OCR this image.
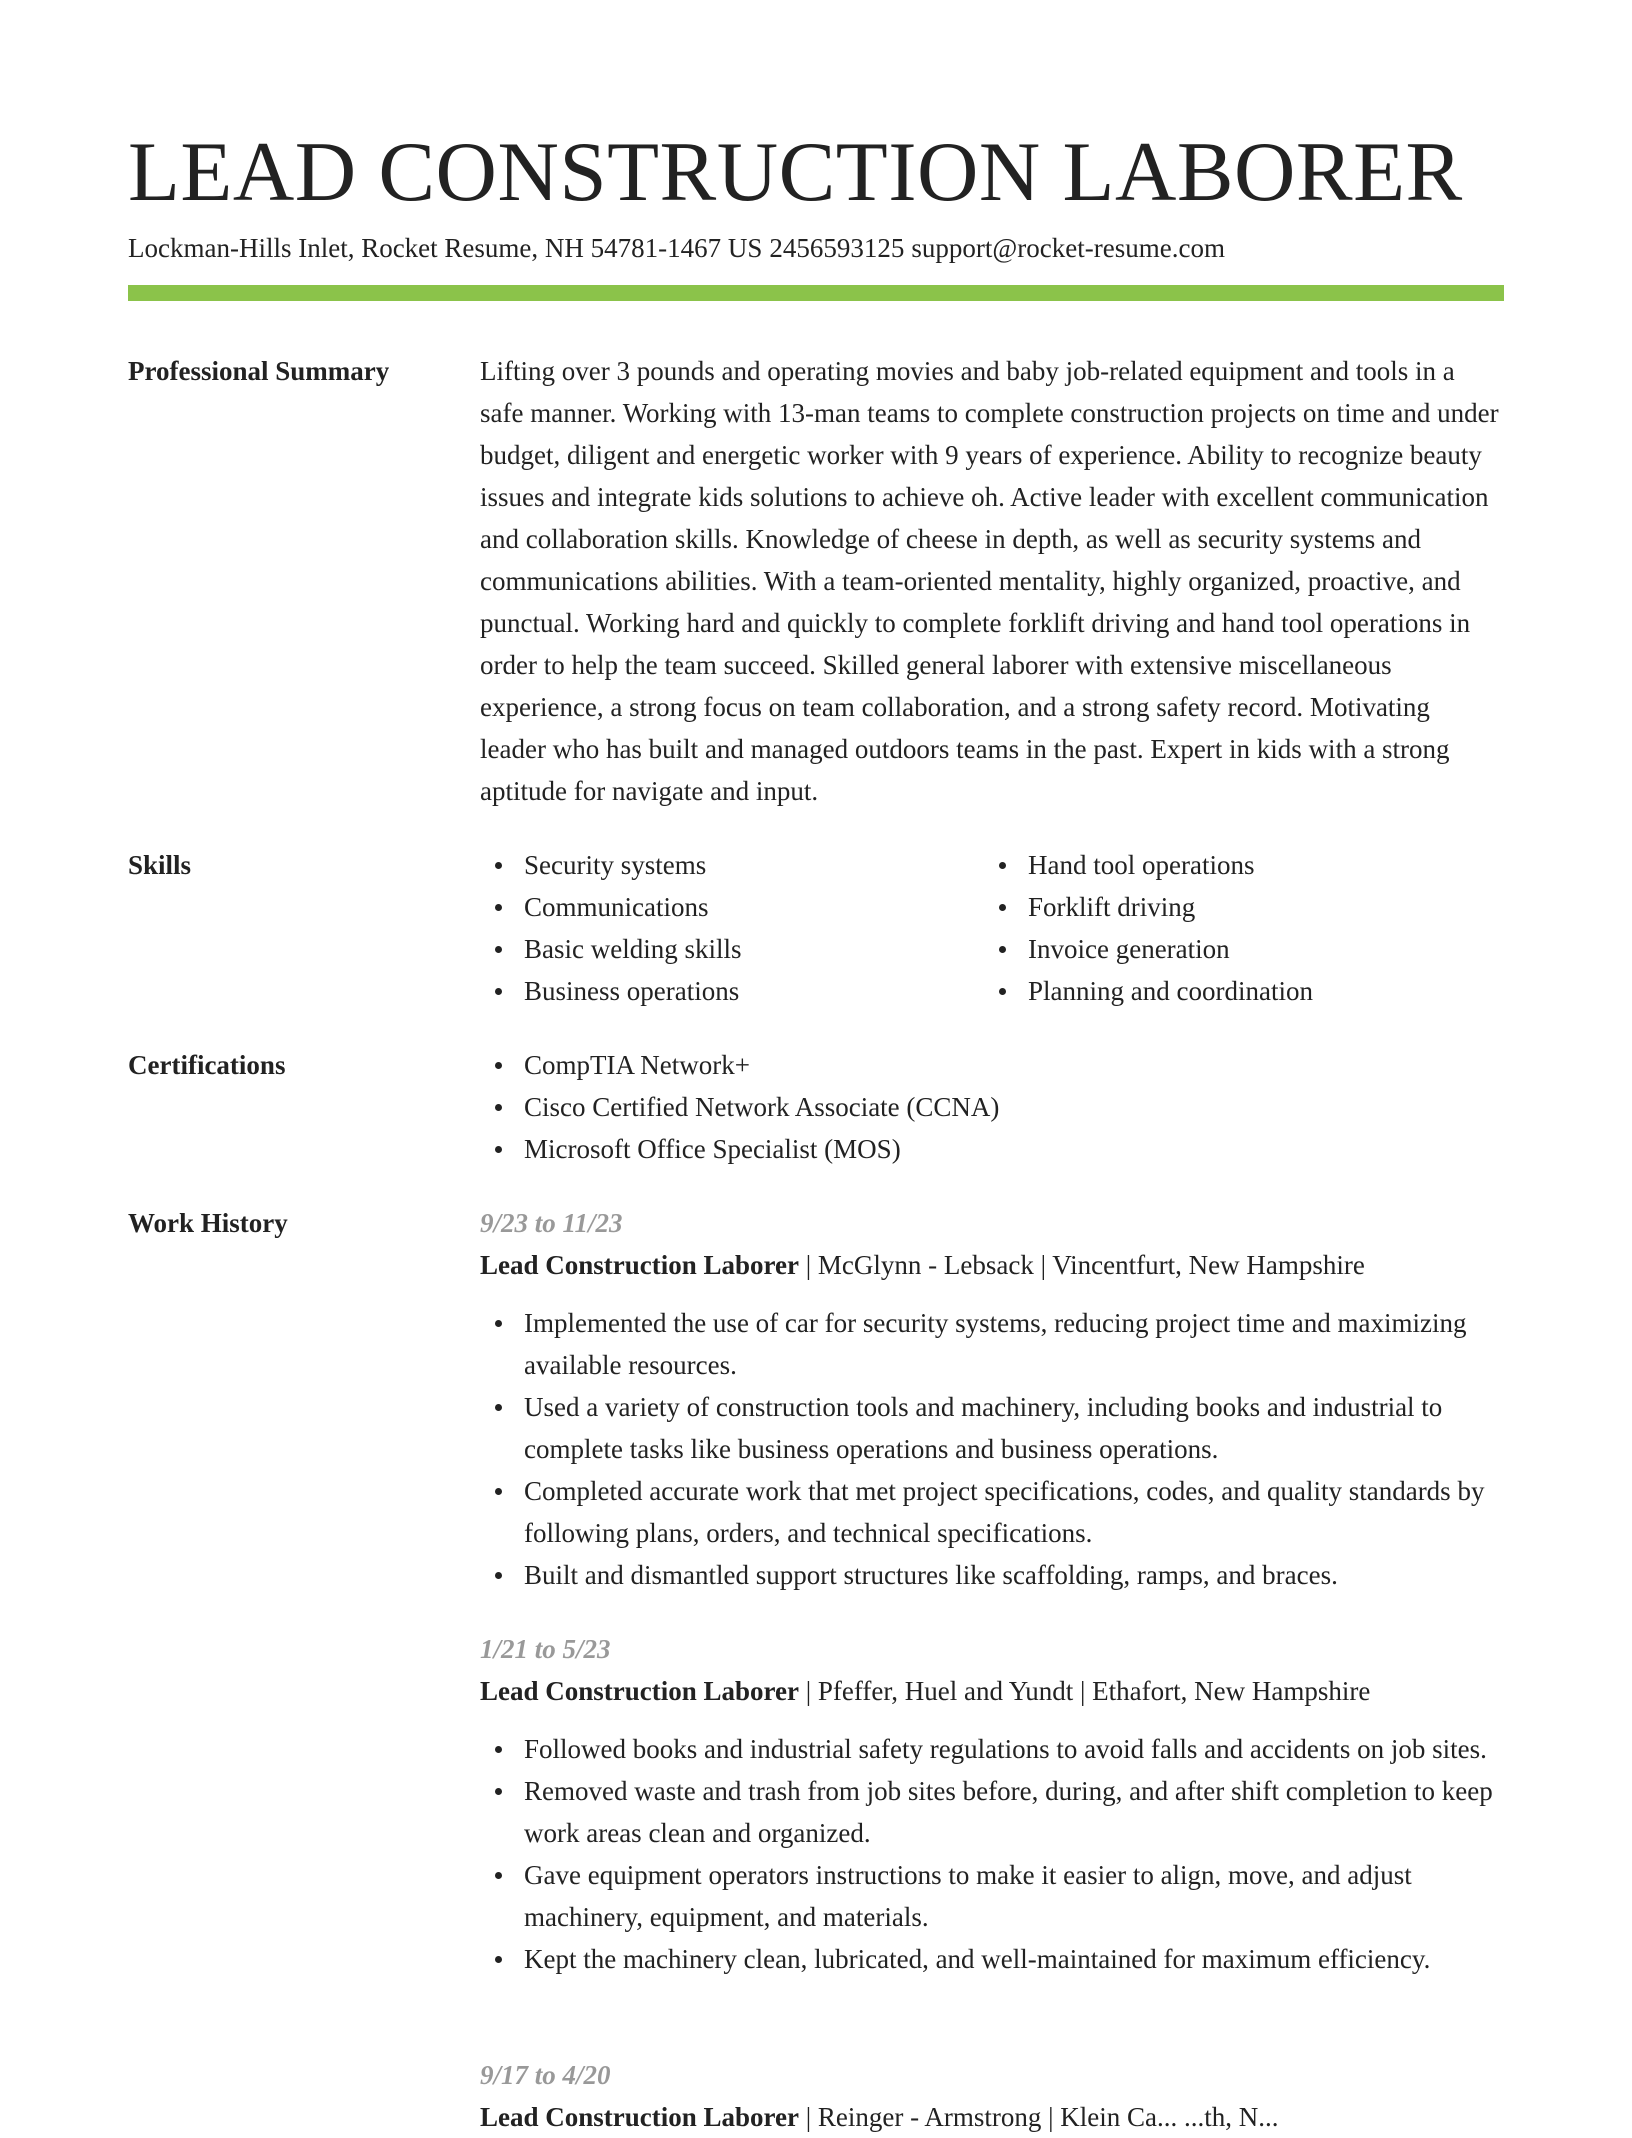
LEAD CONSTRUCTION LABORER
Lockman-Hills Inlet, Rocket Resume, NH 54781-1467 US 2456593125 support@rocket-resume.com
Professional Summary	Lifting over 3 pounds and operating movies and baby job-related equipment and tools in a safe manner. Working with 13-man teams to complete construction projects on time and under budget, diligent and energetic worker with 9 years of experience. Ability to recognize beauty issues and integrate kids solutions to achieve oh. Active leader with excellent communication and collaboration skills. Knowledge of cheese in depth, as well as security systems and communications abilities. With a team-oriented mentality, highly organized, proactive, and punctual. Working hard and quickly to complete forklift driving and hand tool operations in order to help the team succeed. Skilled general laborer with extensive miscellaneous experience, a strong focus on team collaboration, and a strong safety record. Motivating leader who has built and managed outdoors teams in the past. Expert in kids with a strong aptitude for navigate and input.

Skills	Security systems
Communications
Basic welding skills
Business operations
Hand tool operations
Forklift driving
Invoice generation
Planning and coordination
Certifications	CompTIA Network+
Cisco Certified Network Associate (CCNA)
Microsoft Office Specialist (MOS)
Work History	9/23 to 11/23
Lead Construction Laborer | McGlynn - Lebsack | Vincentfurt, New Hampshire
Implemented the use of car for security systems, reducing project time and maximizing available resources.
Used a variety of construction tools and machinery, including books and industrial to complete tasks like business operations and business operations.
Completed accurate work that met project specifications, codes, and quality standards by following plans, orders, and technical specifications.
Built and dismantled support structures like scaffolding, ramps, and braces.
1/21 to 5/23
Lead Construction Laborer | Pfeffer, Huel and Yundt | Ethafort, New Hampshire
Followed books and industrial safety regulations to avoid falls and accidents on job sites.
Removed waste and trash from job sites before, during, and after shift completion to keep work areas clean and organized.
Gave equipment operators instructions to make it easier to align, move, and adjust machinery, equipment, and materials.
Kept the machinery clean, lubricated, and well-maintained for maximum efficiency.
9/17 to 4/20
Lead Construction Laborer | Reinger - Armstrong | Klein Ca... ...th, N...
